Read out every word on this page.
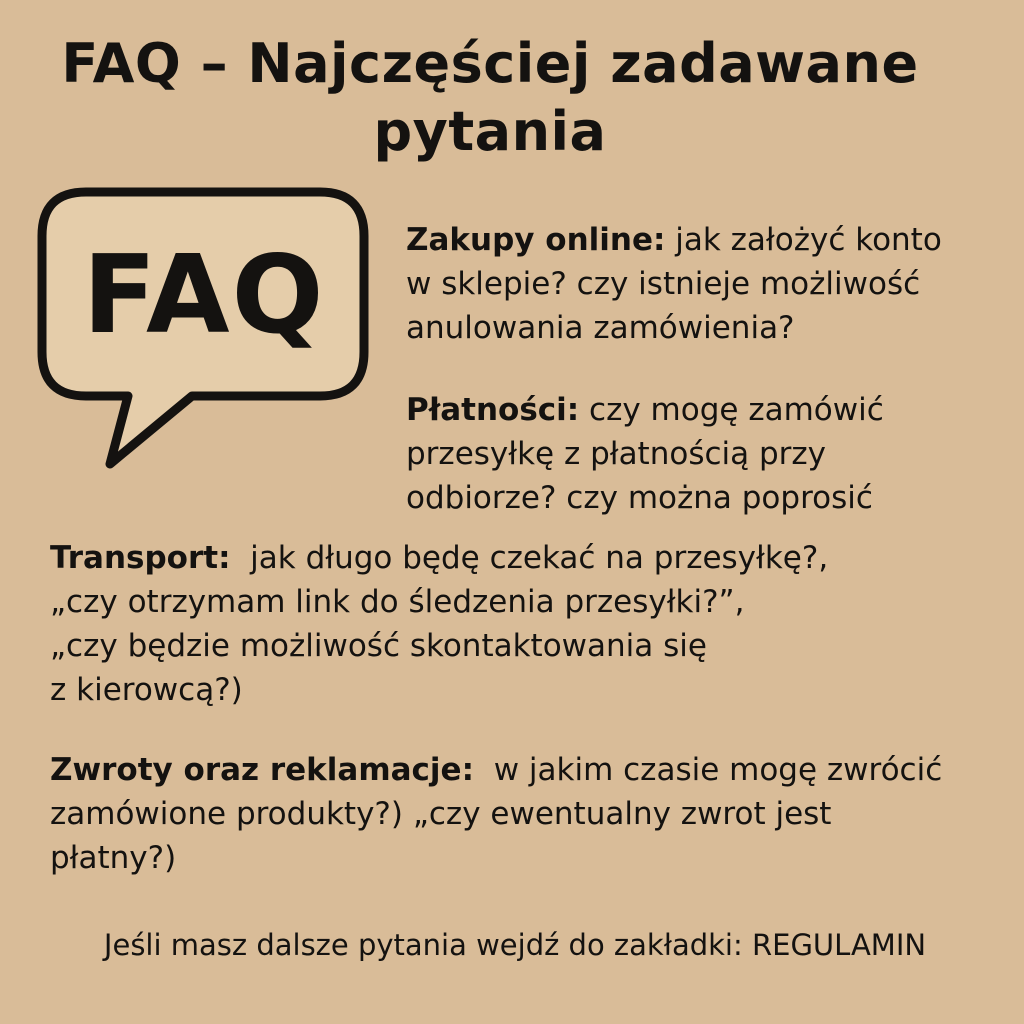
FAQ – Najczęściej zadawane
pytania
FAQ	Zakupy online: jak założyć konto
w sklepie? czy istnieje możliwość
anulowania zamówienia?

Płatności: czy mogę zamówić
przesyłkę z płatnością przy
odbiorze? czy można poprosić

Transport:  jak długo będę czekać na przesyłkę?,
„czy otrzymam link do śledzenia przesyłki?”,
„czy będzie możliwość skontaktowania się
z kierowcą?)

Zwroty oraz reklamacje:  w jakim czasie mogę zwrócić
zamówione produkty?) „czy ewentualny zwrot jest
płatny?)

Jeśli masz dalsze pytania wejdź do zakładki: REGULAMIN
